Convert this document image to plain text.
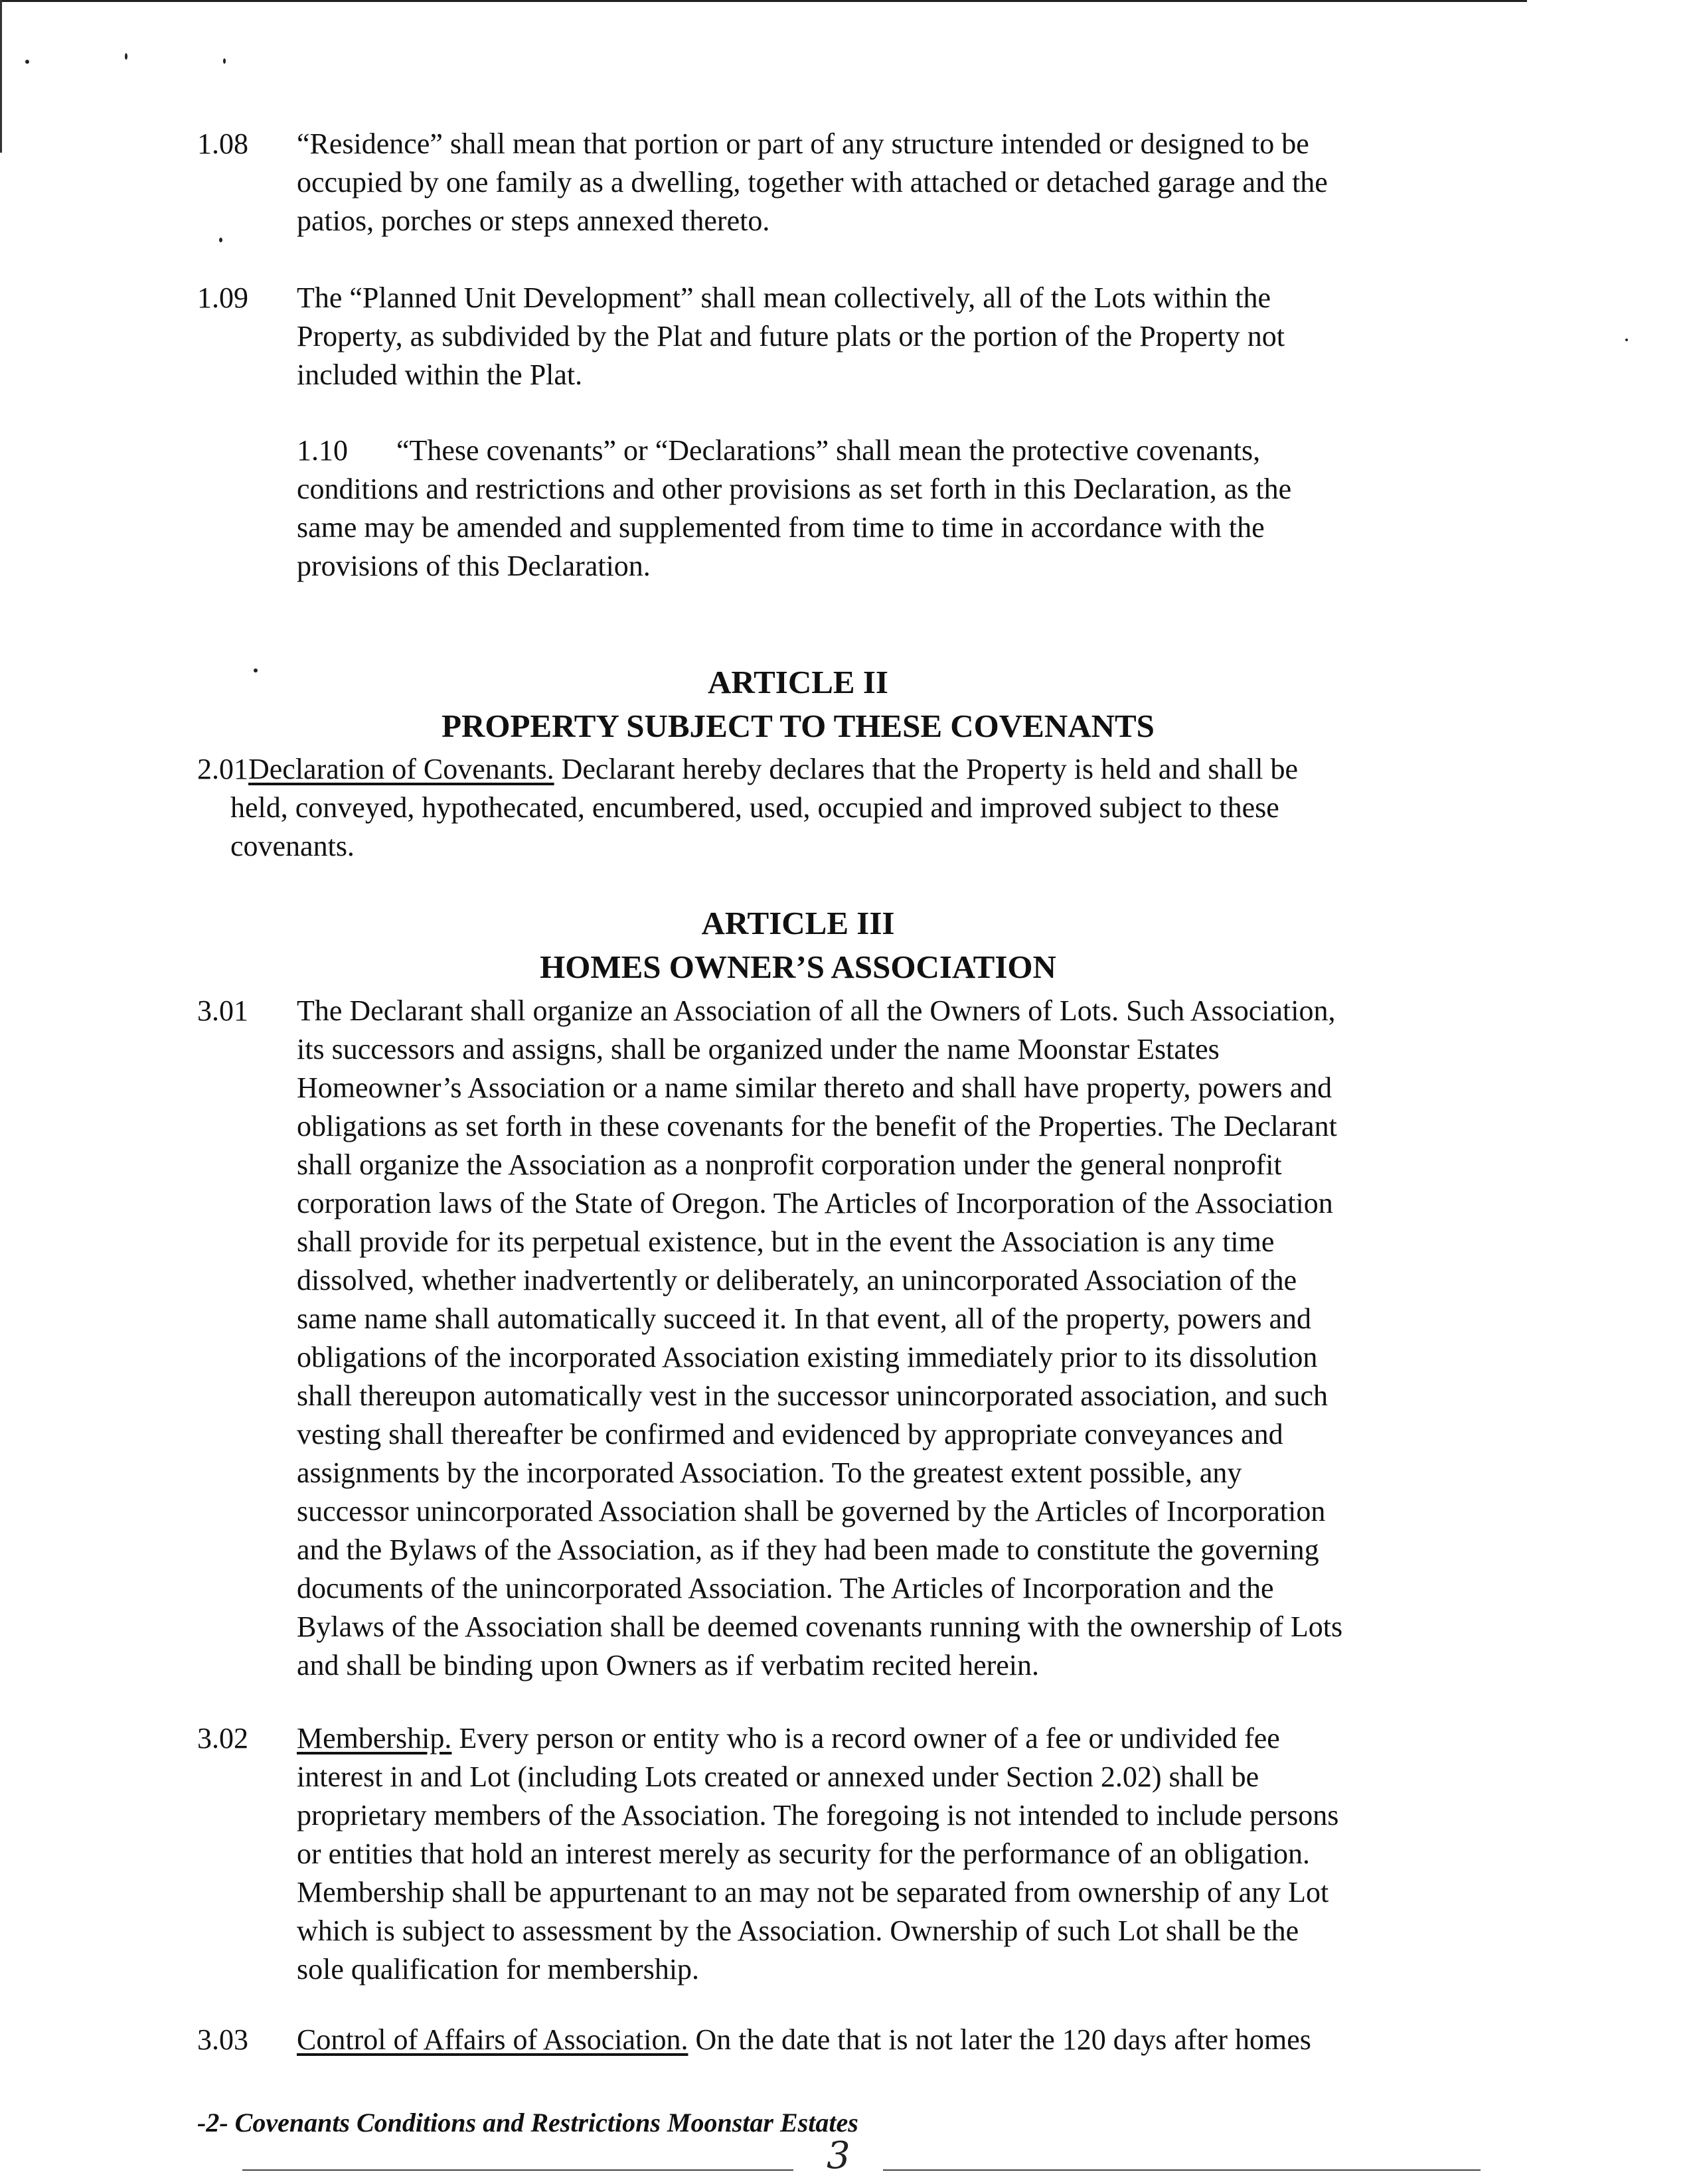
1.08 “Residence” shall mean that portion or part of any structure intended or designed to be
occupied by one family as a dwelling, together with attached or detached garage and the
patios, porches or steps annexed thereto.
1.09 The “Planned Unit Development” shall mean collectively, all of the Lots within the
Property, as subdivided by the Plat and future plats or the portion of the Property not
included within the Plat.
1.10	“These covenants” or “Declarations” shall mean the protective covenants,
conditions and restrictions and other provisions as set forth in this Declaration, as the
same may be amended and supplemented from time to time in accordance with the
provisions of this Declaration.
ARTICLE II
PROPERTY SUBJECT TO THESE COVENANTS
2.01Declaration of Covenants. Declarant hereby declares that the Property is held and shall be
held, conveyed, hypothecated, encumbered, used, occupied and improved subject to these
covenants.
ARTICLE III
HOMES OWNER’S ASSOCIATION
3.01 The Declarant shall organize an Association of all the Owners of Lots. Such Association,
its successors and assigns, shall be organized under the name Moonstar Estates
Homeowner’s Association or a name similar thereto and shall have property, powers and
obligations as set forth in these covenants for the benefit of the Properties. The Declarant
shall organize the Association as a nonprofit corporation under the general nonprofit
corporation laws of the State of Oregon. The Articles of Incorporation of the Association
shall provide for its perpetual existence, but in the event the Association is any time
dissolved, whether inadvertently or deliberately, an unincorporated Association of the
same name shall automatically succeed it. In that event, all of the property, powers and
obligations of the incorporated Association existing immediately prior to its dissolution
shall thereupon automatically vest in the successor unincorporated association, and such
vesting shall thereafter be confirmed and evidenced by appropriate conveyances and
assignments by the incorporated Association. To the greatest extent possible, any
successor unincorporated Association shall be governed by the Articles of Incorporation
and the Bylaws of the Association, as if they had been made to constitute the governing
documents of the unincorporated Association. The Articles of Incorporation and the
Bylaws of the Association shall be deemed covenants running with the ownership of Lots
and shall be binding upon Owners as if verbatim recited herein.
3.02 Membership. Every person or entity who is a record owner of a fee or undivided fee
interest in and Lot (including Lots created or annexed under Section 2.02) shall be
proprietary members of the Association. The foregoing is not intended to include persons
or entities that hold an interest merely as security for the performance of an obligation.
Membership shall be appurtenant to an may not be separated from ownership of any Lot
which is subject to assessment by the Association. Ownership of such Lot shall be the
sole qualification for membership.
3.03 Control of Affairs of Association. On the date that is not later the 120 days after homes
-2- Covenants Conditions and Restrictions Moonstar Estates
3
